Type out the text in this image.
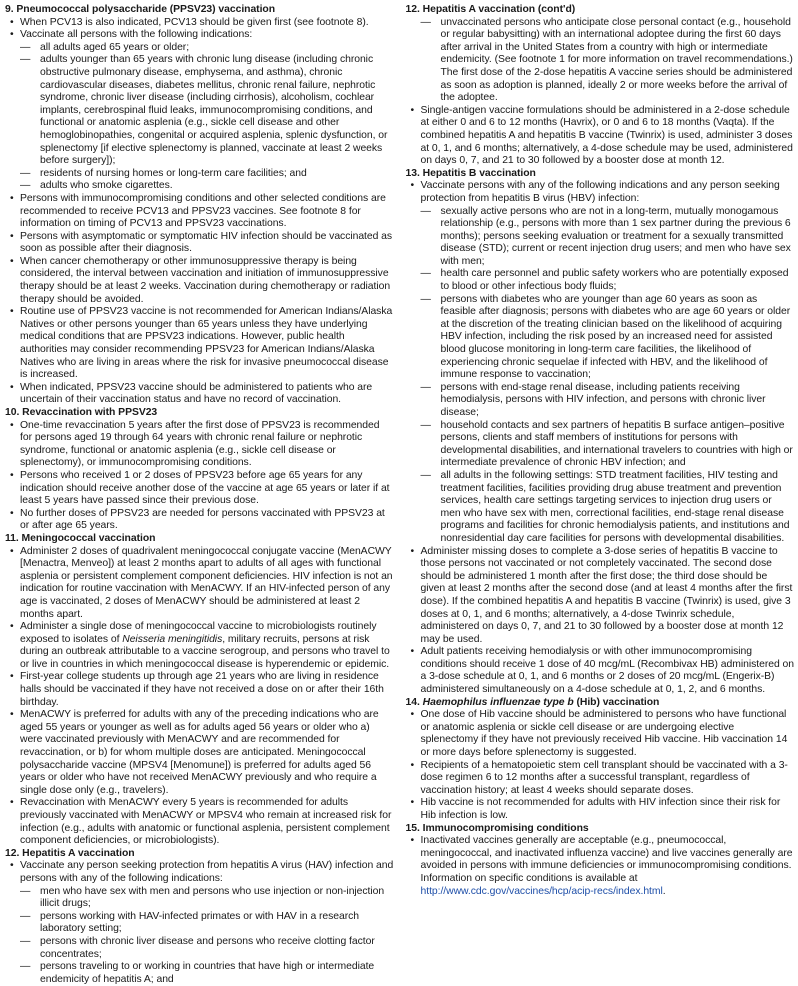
9. Pneumococcal polysaccharide (PPSV23) vaccination
• When PCV13 is also indicated, PCV13 should be given first (see footnote 8).
• Vaccinate all persons with the following indications:
— all adults aged 65 years or older;
— adults younger than 65 years with chronic lung disease (including chronic obstructive pulmonary disease, emphysema, and asthma), chronic cardiovascular diseases, diabetes mellitus, chronic renal failure, nephrotic syndrome, chronic liver disease (including cirrhosis), alcoholism, cochlear implants, cerebrospinal fluid leaks, immunocompromising conditions, and functional or anatomic asplenia (e.g., sickle cell disease and other hemoglobinopathies, congenital or acquired asplenia, splenic dysfunction, or splenectomy [if elective splenectomy is planned, vaccinate at least 2 weeks before surgery]);
— residents of nursing homes or long-term care facilities; and
— adults who smoke cigarettes.
• Persons with immunocompromising conditions and other selected conditions are recommended to receive PCV13 and PPSV23 vaccines. See footnote 8 for information on timing of PCV13 and PPSV23 vaccinations.
• Persons with asymptomatic or symptomatic HIV infection should be vaccinated as soon as possible after their diagnosis.
• When cancer chemotherapy or other immunosuppressive therapy is being considered, the interval between vaccination and initiation of immunosuppressive therapy should be at least 2 weeks. Vaccination during chemotherapy or radiation therapy should be avoided.
• Routine use of PPSV23 vaccine is not recommended for American Indians/Alaska Natives or other persons younger than 65 years unless they have underlying medical conditions that are PPSV23 indications. However, public health authorities may consider recommending PPSV23 for American Indians/Alaska Natives who are living in areas where the risk for invasive pneumococcal disease is increased.
• When indicated, PPSV23 vaccine should be administered to patients who are uncertain of their vaccination status and have no record of vaccination.
10. Revaccination with PPSV23
• One-time revaccination 5 years after the first dose of PPSV23 is recommended for persons aged 19 through 64 years with chronic renal failure or nephrotic syndrome, functional or anatomic asplenia (e.g., sickle cell disease or splenectomy), or immunocompromising conditions.
• Persons who received 1 or 2 doses of PPSV23 before age 65 years for any indication should receive another dose of the vaccine at age 65 years or later if at least 5 years have passed since their previous dose.
• No further doses of PPSV23 are needed for persons vaccinated with PPSV23 at or after age 65 years.
11. Meningococcal vaccination
• Administer 2 doses of quadrivalent meningococcal conjugate vaccine (MenACWY [Menactra, Menveo]) at least 2 months apart to adults of all ages with functional asplenia or persistent complement component deficiencies. HIV infection is not an indication for routine vaccination with MenACWY. If an HIV-infected person of any age is vaccinated, 2 doses of MenACWY should be administered at least 2 months apart.
• Administer a single dose of meningococcal vaccine to microbiologists routinely exposed to isolates of Neisseria meningitidis, military recruits, persons at risk during an outbreak attributable to a vaccine serogroup, and persons who travel to or live in countries in which meningococcal disease is hyperendemic or epidemic.
• First-year college students up through age 21 years who are living in residence halls should be vaccinated if they have not received a dose on or after their 16th birthday.
• MenACWY is preferred for adults with any of the preceding indications who are aged 55 years or younger as well as for adults aged 56 years or older who a) were vaccinated previously with MenACWY and are recommended for revaccination, or b) for whom multiple doses are anticipated. Meningococcal polysaccharide vaccine (MPSV4 [Menomune]) is preferred for adults aged 56 years or older who have not received MenACWY previously and who require a single dose only (e.g., travelers).
• Revaccination with MenACWY every 5 years is recommended for adults previously vaccinated with MenACWY or MPSV4 who remain at increased risk for infection (e.g., adults with anatomic or functional asplenia, persistent complement component deficiencies, or microbiologists).
12. Hepatitis A vaccination
• Vaccinate any person seeking protection from hepatitis A virus (HAV) infection and persons with any of the following indications:
— men who have sex with men and persons who use injection or non-injection illicit drugs;
— persons working with HAV-infected primates or with HAV in a research laboratory setting;
— persons with chronic liver disease and persons who receive clotting factor concentrates;
— persons traveling to or working in countries that have high or intermediate endemicity of hepatitis A; and
12. Hepatitis A vaccination (cont'd)
— unvaccinated persons who anticipate close personal contact (e.g., household or regular babysitting) with an international adoptee during the first 60 days after arrival in the United States from a country with high or intermediate endemicity. (See footnote 1 for more information on travel recommendations.) The first dose of the 2-dose hepatitis A vaccine series should be administered as soon as adoption is planned, ideally 2 or more weeks before the arrival of the adoptee.
• Single-antigen vaccine formulations should be administered in a 2-dose schedule at either 0 and 6 to 12 months (Havrix), or 0 and 6 to 18 months (Vaqta). If the combined hepatitis A and hepatitis B vaccine (Twinrix) is used, administer 3 doses at 0, 1, and 6 months; alternatively, a 4-dose schedule may be used, administered on days 0, 7, and 21 to 30 followed by a booster dose at month 12.
13. Hepatitis B vaccination
• Vaccinate persons with any of the following indications and any person seeking protection from hepatitis B virus (HBV) infection:
— sexually active persons who are not in a long-term, mutually monogamous relationship (e.g., persons with more than 1 sex partner during the previous 6 months); persons seeking evaluation or treatment for a sexually transmitted disease (STD); current or recent injection drug users; and men who have sex with men;
— health care personnel and public safety workers who are potentially exposed to blood or other infectious body fluids;
— persons with diabetes who are younger than age 60 years as soon as feasible after diagnosis; persons with diabetes who are age 60 years or older at the discretion of the treating clinician based on the likelihood of acquiring HBV infection, including the risk posed by an increased need for assisted blood glucose monitoring in long-term care facilities, the likelihood of experiencing chronic sequelae if infected with HBV, and the likelihood of immune response to vaccination;
— persons with end-stage renal disease, including patients receiving hemodialysis, persons with HIV infection, and persons with chronic liver disease;
— household contacts and sex partners of hepatitis B surface antigen–positive persons, clients and staff members of institutions for persons with developmental disabilities, and international travelers to countries with high or intermediate prevalence of chronic HBV infection; and
— all adults in the following settings: STD treatment facilities, HIV testing and treatment facilities, facilities providing drug abuse treatment and prevention services, health care settings targeting services to injection drug users or men who have sex with men, correctional facilities, end-stage renal disease programs and facilities for chronic hemodialysis patients, and institutions and nonresidential day care facilities for persons with developmental disabilities.
• Administer missing doses to complete a 3-dose series of hepatitis B vaccine to those persons not vaccinated or not completely vaccinated. The second dose should be administered 1 month after the first dose; the third dose should be given at least 2 months after the second dose (and at least 4 months after the first dose). If the combined hepatitis A and hepatitis B vaccine (Twinrix) is used, give 3 doses at 0, 1, and 6 months; alternatively, a 4-dose Twinrix schedule, administered on days 0, 7, and 21 to 30 followed by a booster dose at month 12 may be used.
• Adult patients receiving hemodialysis or with other immunocompromising conditions should receive 1 dose of 40 mcg/mL (Recombivax HB) administered on a 3-dose schedule at 0, 1, and 6 months or 2 doses of 20 mcg/mL (Engerix-B) administered simultaneously on a 4-dose schedule at 0, 1, 2, and 6 months.
14. Haemophilus influenzae type b (Hib) vaccination
• One dose of Hib vaccine should be administered to persons who have functional or anatomic asplenia or sickle cell disease or are undergoing elective splenectomy if they have not previously received Hib vaccine. Hib vaccination 14 or more days before splenectomy is suggested.
• Recipients of a hematopoietic stem cell transplant should be vaccinated with a 3-dose regimen 6 to 12 months after a successful transplant, regardless of vaccination history; at least 4 weeks should separate doses.
• Hib vaccine is not recommended for adults with HIV infection since their risk for Hib infection is low.
15. Immunocompromising conditions
• Inactivated vaccines generally are acceptable (e.g., pneumococcal, meningococcal, and inactivated influenza vaccine) and live vaccines generally are avoided in persons with immune deficiencies or immunocompromising conditions. Information on specific conditions is available at http://www.cdc.gov/vaccines/hcp/acip-recs/index.html.
